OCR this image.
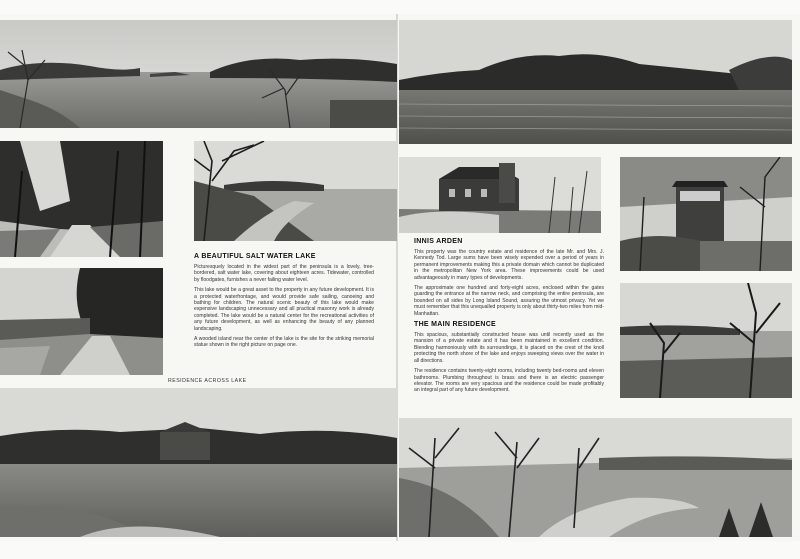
A BEAUTIFUL SALT WATER LAKE

Picturesquely located in the widest part of the peninsula is a lovely, tree-bordered, salt water lake, covering about eighteen acres. Tidewater, controlled by floodgates, furnishes a never failing water level.

This lake would be a great asset to the property in any future development. It is a protected waterfrontage, and would provide safe sailing, canoeing and bathing for children. The natural scenic beauty of this lake would make expensive landscaping unnecessary and all practical masonry work is already completed. The lake would be a natural center for the recreational activities of any future development, as well as enhancing the beauty of any planned landscaping.

A wooded island near the center of the lake is the site for the striking memorial statue shown in the right picture on page one.

RESIDENCE ACROSS LAKE
INNIS ARDEN

This property was the country estate and residence of the late Mr. and Mrs. J. Kennedy Tod. Large sums have been wisely expended over a period of years in permanent improvements making this a private domain which cannot be duplicated in the metropolitan New York area. These improvements could be used advantageously in many types of developments.

The approximate one hundred and forty-eight acres, enclosed within the gates guarding the entrance at the narrow neck, and comprising the entire peninsula, are bounded on all sides by Long Island Sound, assuring the utmost privacy. Yet we must remember that this unequalled property is only about thirty-two miles from mid-Manhattan.

THE MAIN RESIDENCE

This spacious, substantially constructed house was until recently used as the mansion of a private estate and it has been maintained in excellent condition. Blending harmoniously with its surroundings, it is placed on the crest of the knoll protecting the north shore of the lake and enjoys sweeping views over the water in all directions.

The residence contains twenty-eight rooms, including twenty bed-rooms and eleven bathrooms. Plumbing throughout is brass and there is an electric passenger elevator. The rooms are very spacious and the residence could be made profitably an integral part of any future development.
